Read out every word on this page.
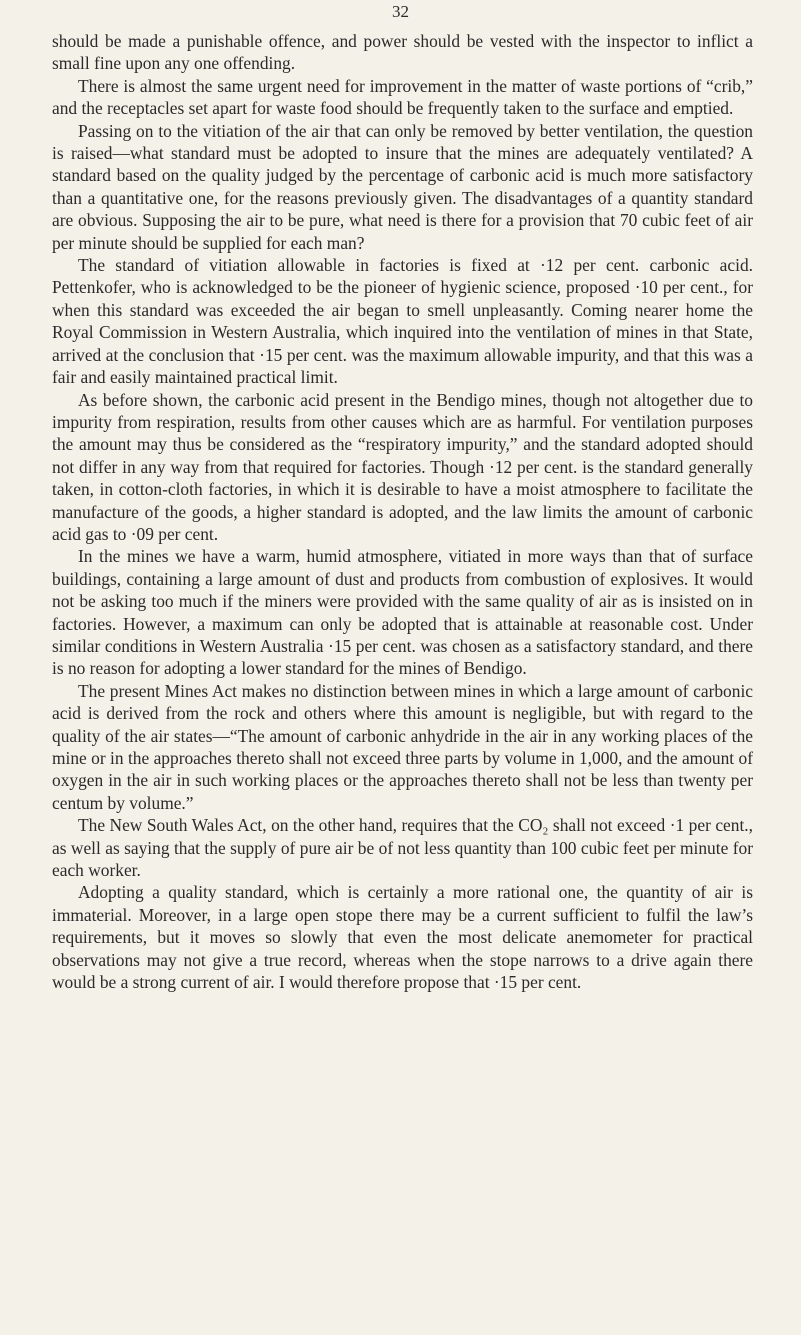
32

should be made a punishable offence, and power should be vested with the inspector to inflict a small fine upon any one offending.

There is almost the same urgent need for improvement in the matter of waste portions of “crib,” and the receptacles set apart for waste food should be frequently taken to the surface and emptied.

Passing on to the vitiation of the air that can only be removed by better ventilation, the question is raised—what standard must be adopted to insure that the mines are adequately ventilated? A standard based on the quality judged by the percentage of carbonic acid is much more satisfactory than a quantitative one, for the reasons previously given. The disadvantages of a quantity standard are obvious. Supposing the air to be pure, what need is there for a provision that 70 cubic feet of air per minute should be supplied for each man?

The standard of vitiation allowable in factories is fixed at ·12 per cent. carbonic acid. Pettenkofer, who is acknowledged to be the pioneer of hygienic science, proposed ·10 per cent., for when this standard was exceeded the air began to smell unpleasantly. Coming nearer home the Royal Commission in Western Australia, which inquired into the ventilation of mines in that State, arrived at the conclusion that ·15 per cent. was the maximum allowable impurity, and that this was a fair and easily maintained practical limit.

As before shown, the carbonic acid present in the Bendigo mines, though not altogether due to impurity from respiration, results from other causes which are as harmful. For ventilation purposes the amount may thus be considered as the “respiratory impurity,” and the standard adopted should not differ in any way from that required for factories. Though ·12 per cent. is the standard generally taken, in cotton-cloth factories, in which it is desirable to have a moist atmosphere to facilitate the manufacture of the goods, a higher standard is adopted, and the law limits the amount of carbonic acid gas to ·09 per cent.

In the mines we have a warm, humid atmosphere, vitiated in more ways than that of surface buildings, containing a large amount of dust and products from combustion of explosives. It would not be asking too much if the miners were provided with the same quality of air as is insisted on in factories. However, a maximum can only be adopted that is attainable at reasonable cost. Under similar conditions in Western Australia ·15 per cent. was chosen as a satisfactory standard, and there is no reason for adopting a lower standard for the mines of Bendigo.

The present Mines Act makes no distinction between mines in which a large amount of carbonic acid is derived from the rock and others where this amount is negligible, but with regard to the quality of the air states—“The amount of carbonic anhydride in the air in any working places of the mine or in the approaches thereto shall not exceed three parts by volume in 1,000, and the amount of oxygen in the air in such working places or the approaches thereto shall not be less than twenty per centum by volume.”

The New South Wales Act, on the other hand, requires that the CO₂ shall not exceed ·1 per cent., as well as saying that the supply of pure air be of not less quantity than 100 cubic feet per minute for each worker.

Adopting a quality standard, which is certainly a more rational one, the quantity of air is immaterial. Moreover, in a large open stope there may be a current sufficient to fulfil the law’s requirements, but it moves so slowly that even the most delicate anemometer for practical observations may not give a true record, whereas when the stope narrows to a drive again there would be a strong current of air. I would therefore propose that ·15 per cent.
